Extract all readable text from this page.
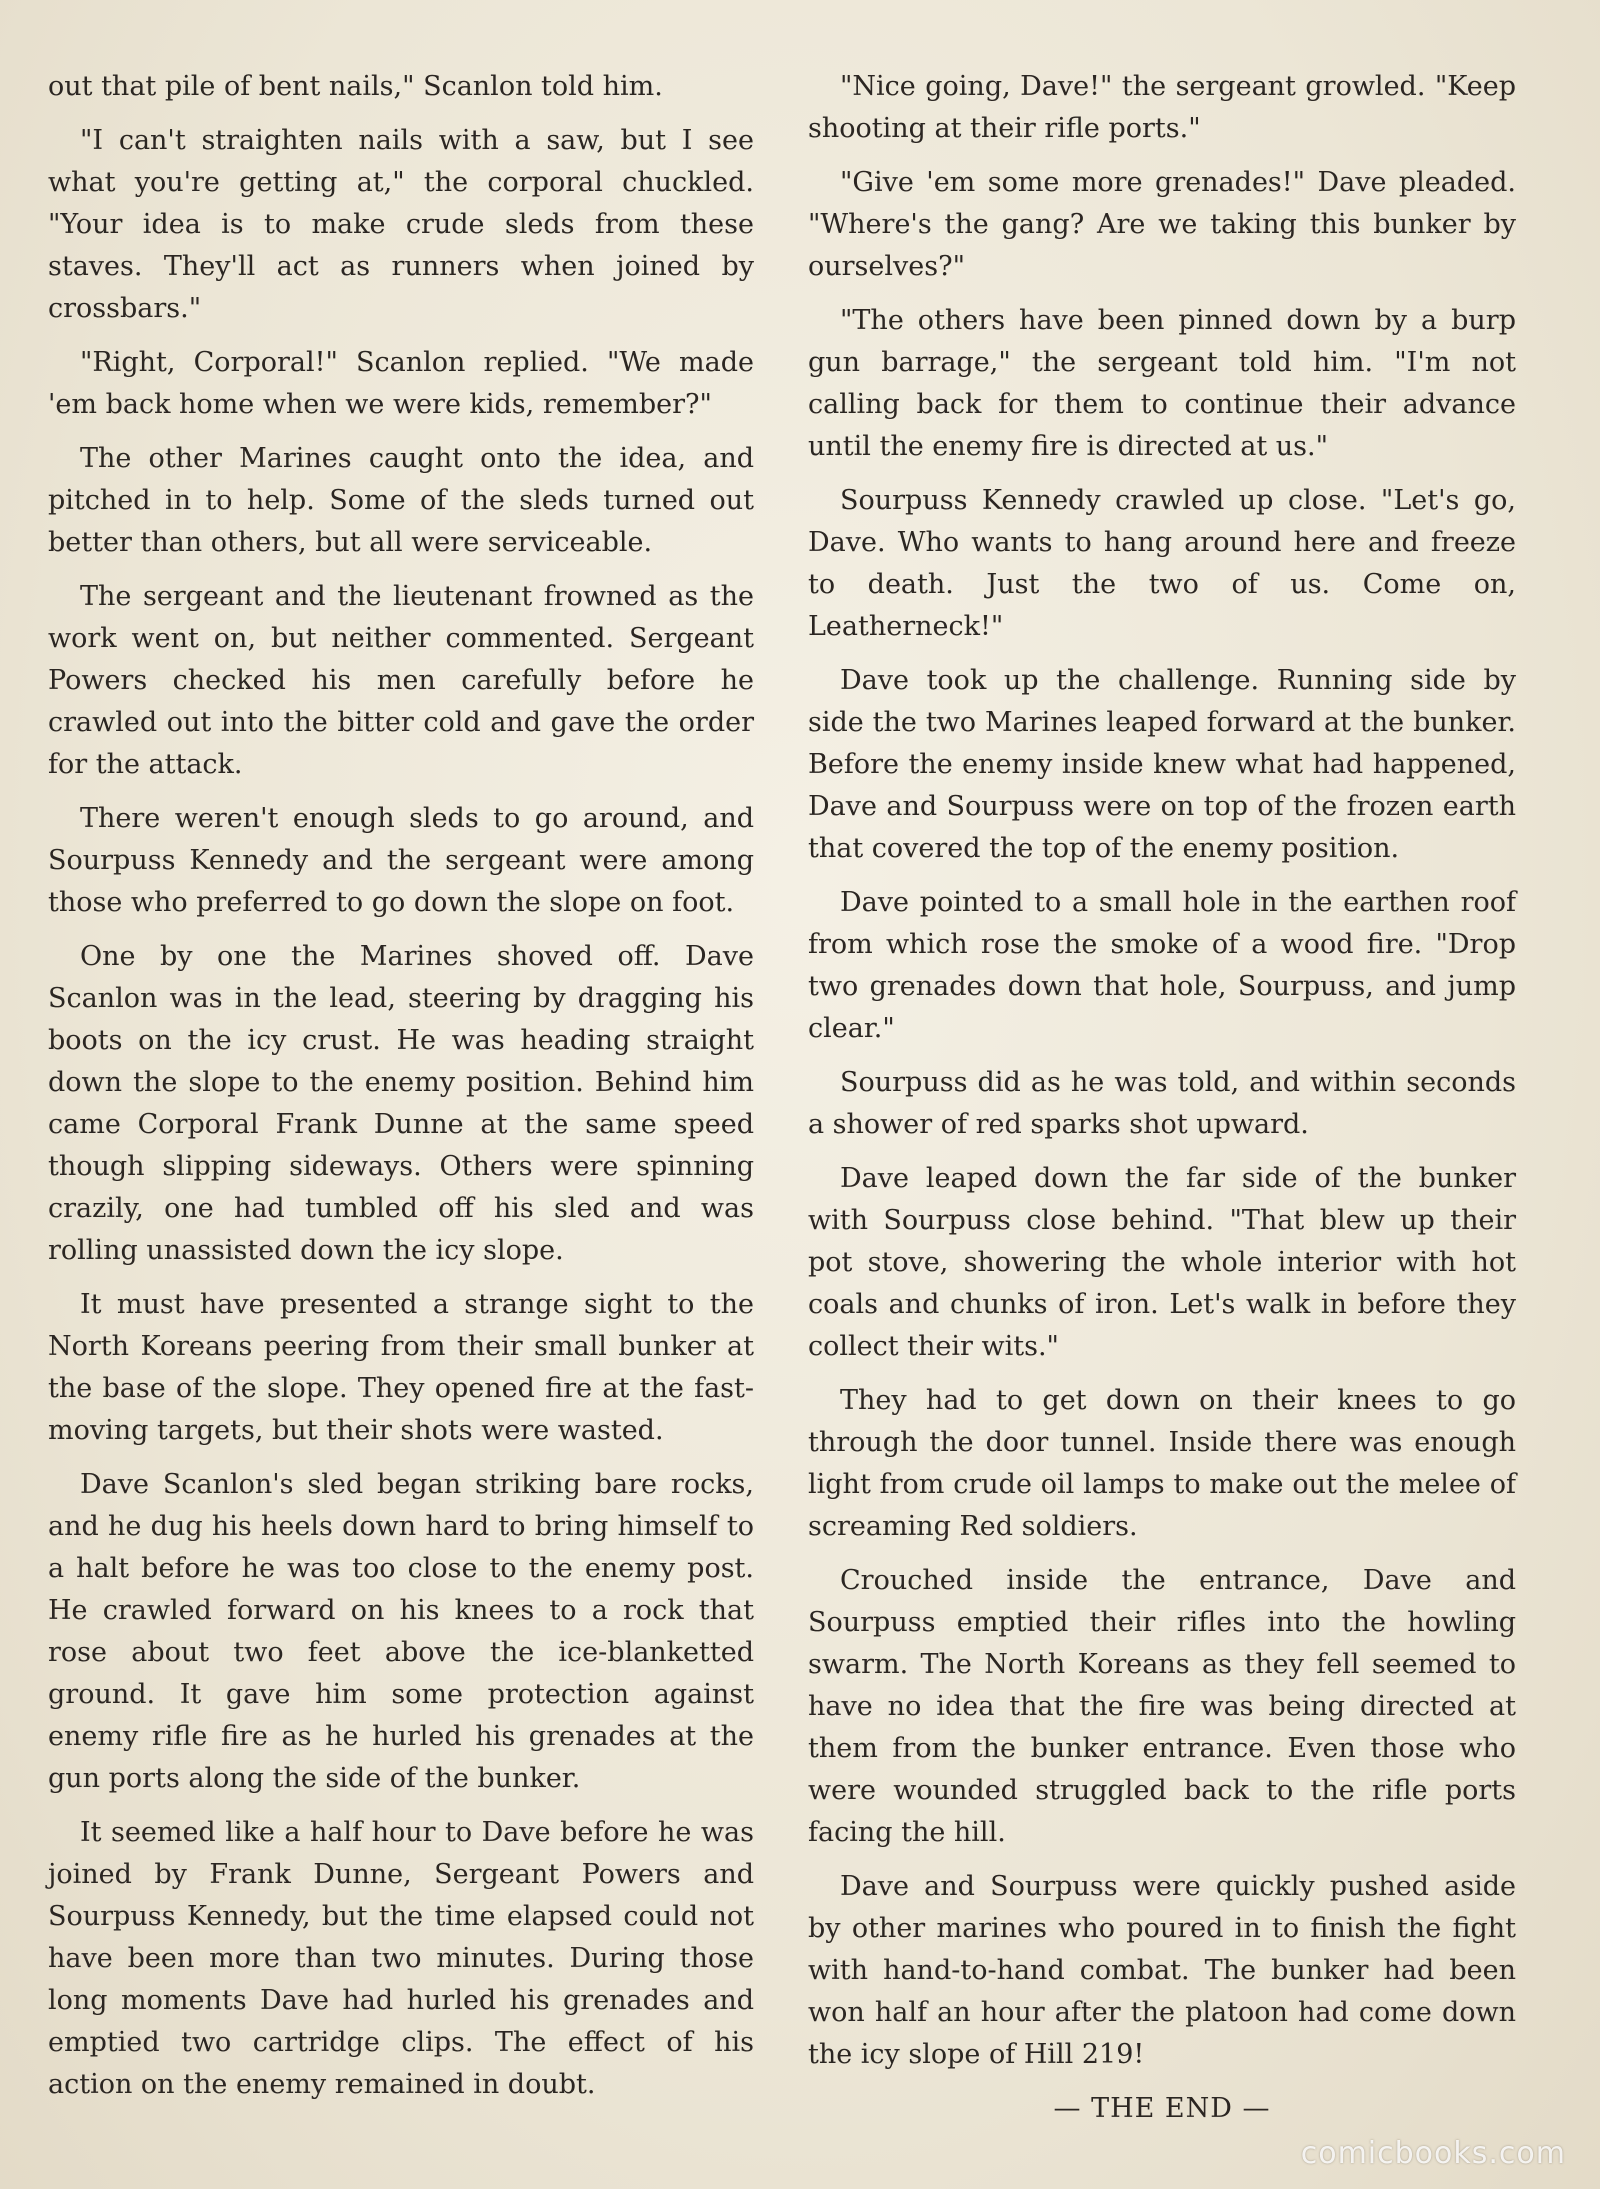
out that pile of bent nails," Scanlon told him.

"I can't straighten nails with a saw, but I see what you're getting at," the corporal chuckled. "Your idea is to make crude sleds from these staves. They'll act as runners when joined by crossbars."

"Right, Corporal!" Scanlon replied. "We made 'em back home when we were kids, remember?"

The other Marines caught onto the idea, and pitched in to help. Some of the sleds turned out better than others, but all were serviceable.

The sergeant and the lieutenant frowned as the work went on, but neither commented. Sergeant Powers checked his men carefully before he crawled out into the bitter cold and gave the order for the attack.

There weren't enough sleds to go around, and Sourpuss Kennedy and the sergeant were among those who preferred to go down the slope on foot.

One by one the Marines shoved off. Dave Scanlon was in the lead, steering by dragging his boots on the icy crust. He was heading straight down the slope to the enemy position. Behind him came Corporal Frank Dunne at the same speed though slipping sideways. Others were spinning crazily, one had tumbled off his sled and was rolling unassisted down the icy slope.

It must have presented a strange sight to the North Koreans peering from their small bunker at the base of the slope. They opened fire at the fast-moving targets, but their shots were wasted.

Dave Scanlon's sled began striking bare rocks, and he dug his heels down hard to bring himself to a halt before he was too close to the enemy post. He crawled forward on his knees to a rock that rose about two feet above the ice-blanketted ground. It gave him some protection against enemy rifle fire as he hurled his grenades at the gun ports along the side of the bunker.

It seemed like a half hour to Dave before he was joined by Frank Dunne, Sergeant Powers and Sourpuss Kennedy, but the time elapsed could not have been more than two minutes. During those long moments Dave had hurled his grenades and emptied two cartridge clips. The effect of his action on the enemy remained in doubt.

"Nice going, Dave!" the sergeant growled. "Keep shooting at their rifle ports."

"Give 'em some more grenades!" Dave pleaded. "Where's the gang? Are we taking this bunker by ourselves?"

"The others have been pinned down by a burp gun barrage," the sergeant told him. "I'm not calling back for them to continue their advance until the enemy fire is directed at us."

Sourpuss Kennedy crawled up close. "Let's go, Dave. Who wants to hang around here and freeze to death. Just the two of us. Come on, Leatherneck!"

Dave took up the challenge. Running side by side the two Marines leaped forward at the bunker. Before the enemy inside knew what had happened, Dave and Sourpuss were on top of the frozen earth that covered the top of the enemy position.

Dave pointed to a small hole in the earthen roof from which rose the smoke of a wood fire. "Drop two grenades down that hole, Sourpuss, and jump clear."

Sourpuss did as he was told, and within seconds a shower of red sparks shot upward.

Dave leaped down the far side of the bunker with Sourpuss close behind. "That blew up their pot stove, showering the whole interior with hot coals and chunks of iron. Let's walk in before they collect their wits."

They had to get down on their knees to go through the door tunnel. Inside there was enough light from crude oil lamps to make out the melee of screaming Red soldiers.

Crouched inside the entrance, Dave and Sourpuss emptied their rifles into the howling swarm. The North Koreans as they fell seemed to have no idea that the fire was being directed at them from the bunker entrance. Even those who were wounded struggled back to the rifle ports facing the hill.

Dave and Sourpuss were quickly pushed aside by other marines who poured in to finish the fight with hand-to-hand combat. The bunker had been won half an hour after the platoon had come down the icy slope of Hill 219!

— THE END —
comicbooks.com
